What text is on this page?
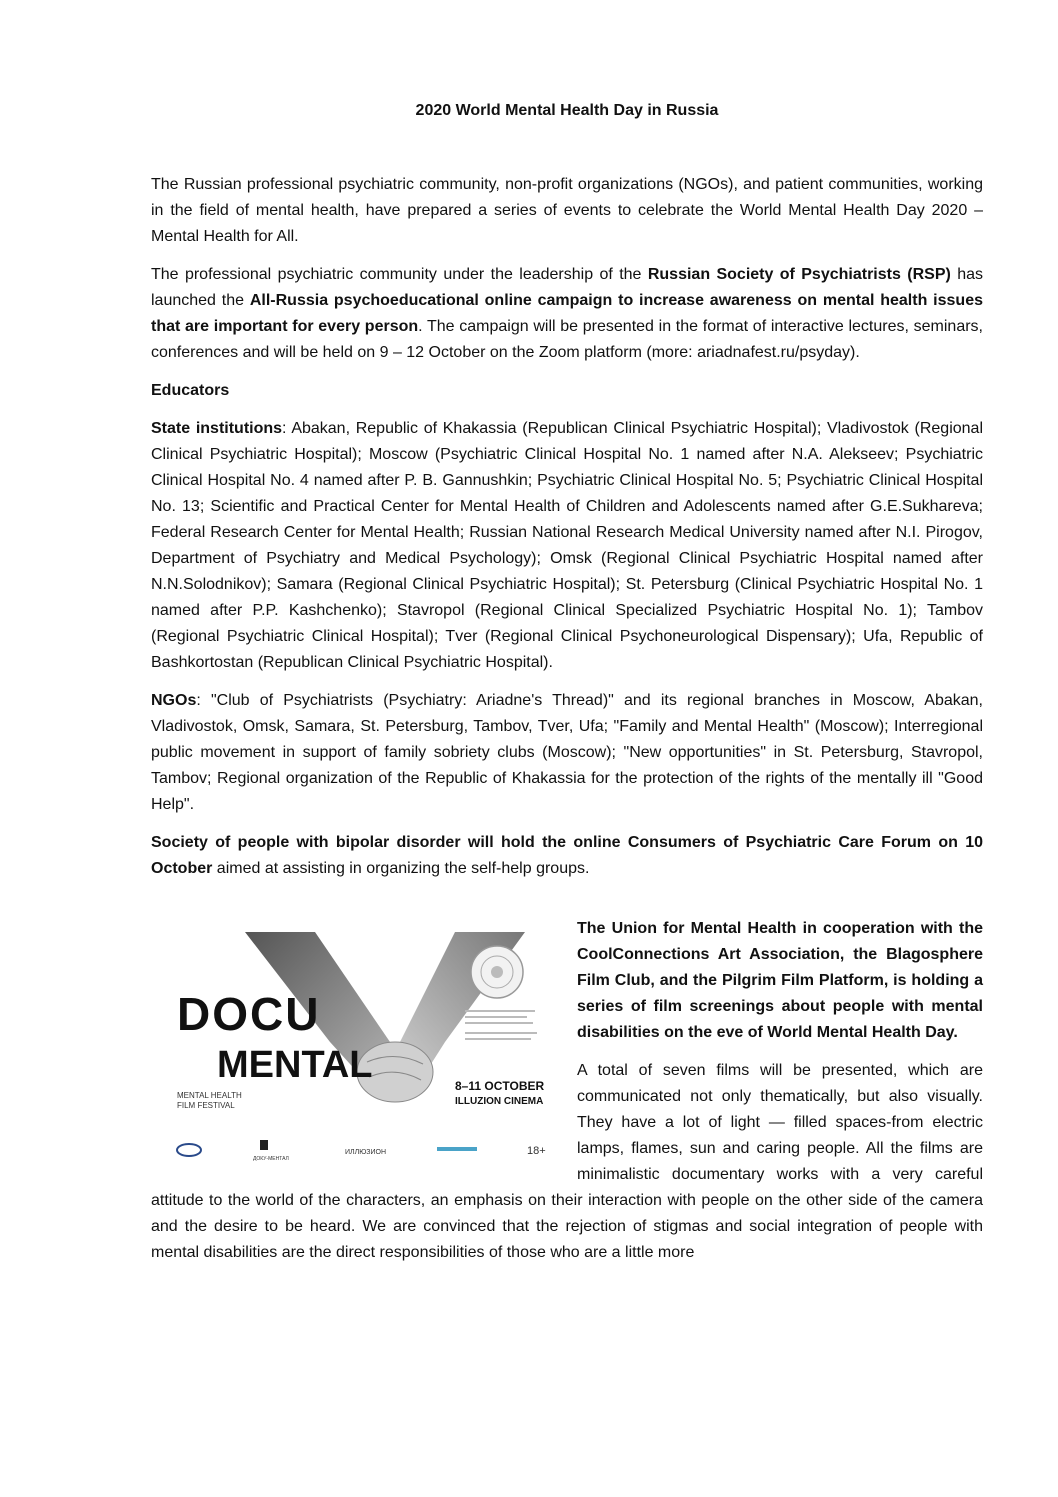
2020 World Mental Health Day in Russia

The Russian professional psychiatric community, non-profit organizations (NGOs), and patient communities, working in the field of mental health, have prepared a series of events to celebrate the World Mental Health Day 2020 – Mental Health for All.

The professional psychiatric community under the leadership of the Russian Society of Psychiatrists (RSP) has launched the All-Russia psychoeducational online campaign to increase awareness on mental health issues that are important for every person. The campaign will be presented in the format of interactive lectures, seminars, conferences and will be held on 9 – 12 October on the Zoom platform (more: ariadnafest.ru/psyday).

Educators

State institutions: Abakan, Republic of Khakassia (Republican Clinical Psychiatric Hospital); Vladivostok (Regional Clinical Psychiatric Hospital); Moscow (Psychiatric Clinical Hospital No. 1 named after N.A. Alekseev; Psychiatric Clinical Hospital No. 4 named after P. B. Gannushkin; Psychiatric Clinical Hospital No. 5; Psychiatric Clinical Hospital No. 13; Scientific and Practical Center for Mental Health of Children and Adolescents named after G.E.Sukhareva; Federal Research Center for Mental Health; Russian National Research Medical University named after N.I. Pirogov, Department of Psychiatry and Medical Psychology); Omsk (Regional Clinical Psychiatric Hospital named after N.N.Solodnikov); Samara (Regional Clinical Psychiatric Hospital); St. Petersburg (Clinical Psychiatric Hospital No. 1 named after P.P. Kashchenko); Stavropol (Regional Clinical Specialized Psychiatric Hospital No. 1); Tambov (Regional Psychiatric Clinical Hospital); Tver (Regional Clinical Psychoneurological Dispensary); Ufa, Republic of Bashkortostan (Republican Clinical Psychiatric Hospital).

NGOs: "Club of Psychiatrists (Psychiatry: Ariadne's Thread)" and its regional branches in Moscow, Abakan, Vladivostok, Omsk, Samara, St. Petersburg, Tambov, Tver, Ufa; "Family and Mental Health" (Moscow); Interregional public movement in support of family sobriety clubs (Moscow); "New opportunities" in St. Petersburg, Stavropol, Tambov; Regional organization of the Republic of Khakassia for the protection of the rights of the mentally ill "Good Help".

Society of people with bipolar disorder will hold the online Consumers of Psychiatric Care Forum on 10 October aimed at assisting in organizing the self-help groups.

DOCU
MENTAL
MENTAL HEALTH
FILM FESTIVAL
8–11 OCTOBER
ILLUZION CINEMA
ДОКУ-МЕНТАЛ
ИЛЛЮЗИОН	18+

The Union for Mental Health in cooperation with the CoolConnections Art Association, the Blagosphere Film Club, and the Pilgrim Film Platform, is holding a series of film screenings about people with mental disabilities on the eve of World Mental Health Day.

A total of seven films will be presented, which are communicated not only thematically, but also visually. They have a lot of light — filled spaces-from electric lamps, flames, sun and caring people. All the films are minimalistic documentary works with a very careful attitude to the world of the characters, an emphasis on their interaction with people on the other side of the camera and the desire to be heard. We are convinced that the rejection of stigmas and social integration of people with mental disabilities are the direct responsibilities of those who are a little more
